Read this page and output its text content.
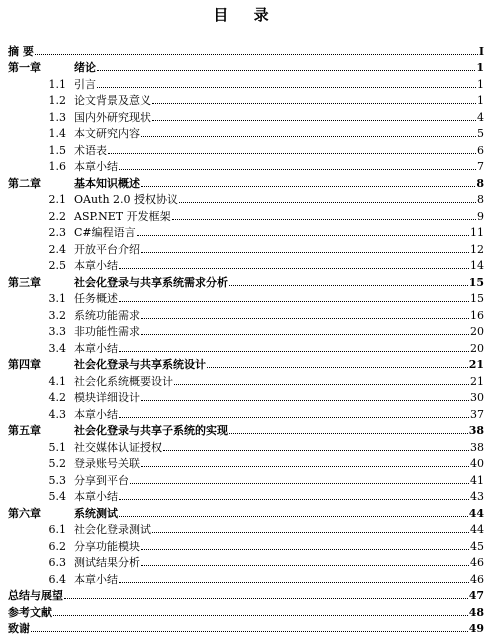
目 录
摘 要	I
第一章	绪论	1
1.1 引言	1
1.2 论文背景及意义	1
1.3 国内外研究现状	4
1.4 本文研究内容	5
1.5 术语表	6
1.6 本章小结	7
第二章	基本知识概述	8
2.1 OAuth 2.0 授权协议	8
2.2 ASP.NET 开发框架	9
2.3 C#编程语言	11
2.4 开放平台介绍	12
2.5 本章小结	14
第三章	社会化登录与共享系统需求分析	15
3.1 任务概述	15
3.2 系统功能需求	16
3.3 非功能性需求	20
3.4 本章小结	20
第四章	社会化登录与共享系统设计	21
4.1 社会化系统概要设计	21
4.2 模块详细设计	30
4.3 本章小结	37
第五章	社会化登录与共享子系统的实现	38
5.1 社交媒体认证授权	38
5.2 登录账号关联	40
5.3 分享到平台	41
5.4 本章小结	43
第六章	系统测试	44
6.1 社会化登录测试	44
6.2 分享功能模块	45
6.3 测试结果分析	46
6.4 本章小结	46
总结与展望	47
参考文献	48
致谢	49
